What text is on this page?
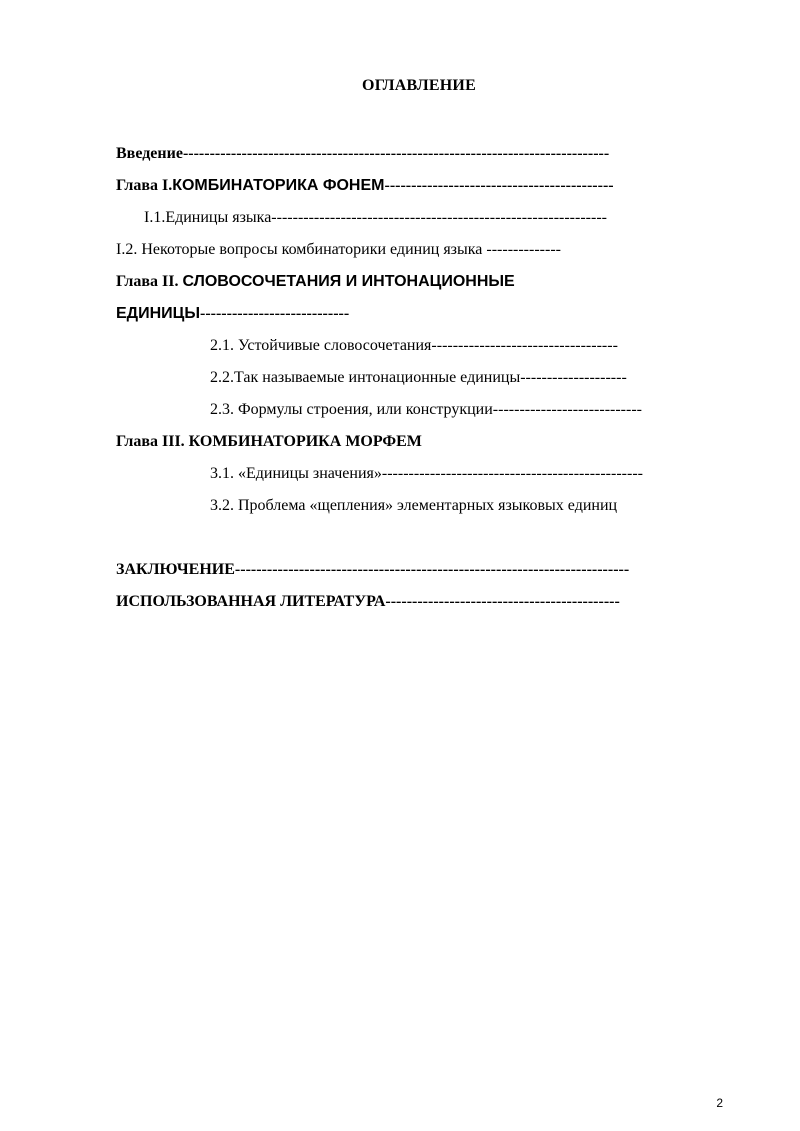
ОГЛАВЛЕНИЕ
Введение--------------------------------------------------------------------------------
Глава I.КОМБИНАТОРИКА ФОНЕМ-------------------------------------------
I.1.Единицы языка---------------------------------------------------------------
I.2. Некоторые вопросы комбинаторики единиц языка --------------
Глава II. СЛОВОСОЧЕТАНИЯ И ИНТОНАЦИОННЫЕ
ЕДИНИЦЫ----------------------------
2.1. Устойчивые словосочетания-----------------------------------
2.2.Так называемые интонационные единицы--------------------
2.3. Формулы строения, или конструкции----------------------------
Глава III. КОМБИНАТОРИКА МОРФЕМ
3.1. «Единицы значения»-------------------------------------------------
3.2. Проблема «щепления» элементарных языковых единиц
ЗАКЛЮЧЕНИЕ--------------------------------------------------------------------------
ИСПОЛЬЗОВАННАЯ ЛИТЕРАТУРА--------------------------------------------
2
